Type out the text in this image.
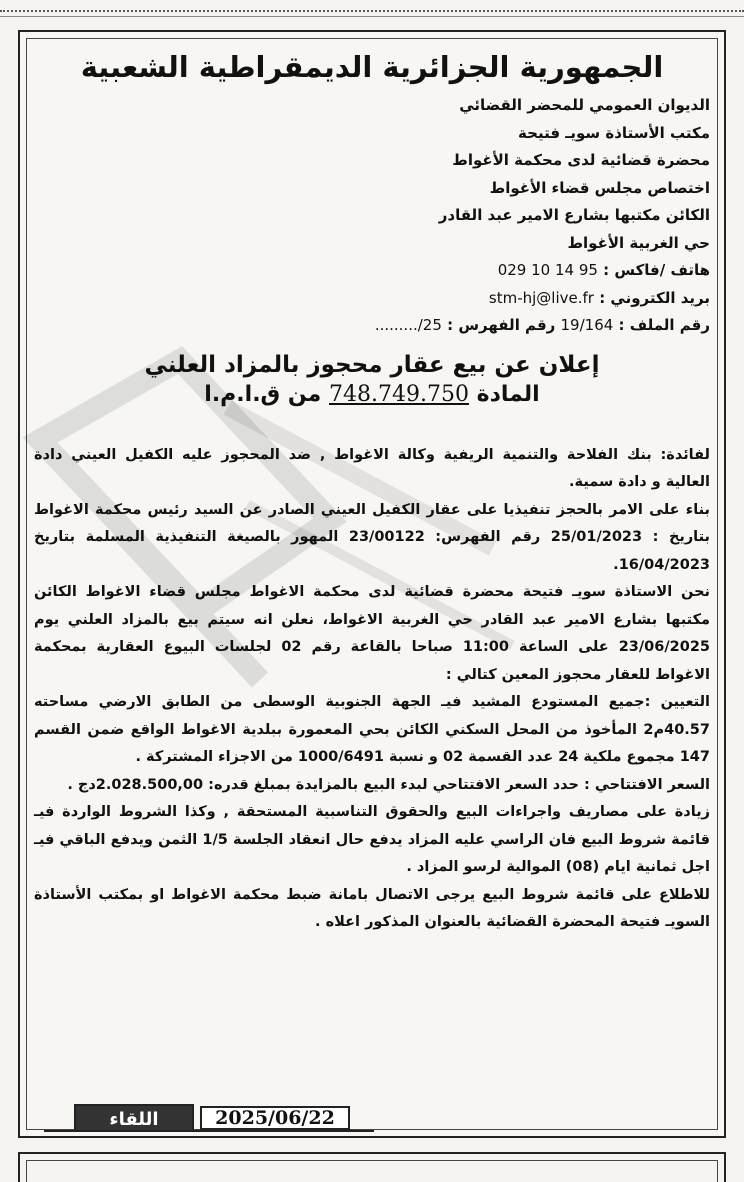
الجمهورية الجزائرية الديمقراطية الشعبية
الديوان العمومي للمحضر القضائي
مكتب الأستاذة سويـ فتيحة
محضرة قضائية لدى محكمة الأغواط
اختصاص مجلس قضاء الأغواط
الكائن مكتبها بشارع الامير عبد القادر
حي الغربية الأغواط
هاتف /فاكس : 029 10 14 95
بريد الكتروني : stm-hj@live.fr
رقم الملف : 19/164 رقم الفهرس : ........./25
إعلان عن بيع عقار محجوز بالمزاد العلني
المادة 748.749.750 من ق.ا.م.ا

لفائدة: بنك الفلاحة والتنمية الريفية وكالة الاغواط , ضد المحجوز عليه الكفيل العيني دادة العالية و دادة سمية.

بناء على الامر بالحجز تنفيذيا على عقار الكفيل العيني الصادر عن السيد رئيس محكمة الاغواط بتاريخ : 25/01/2023 رقم الفهرس: 23/00122 المهور بالصيغة التنفيذية المسلمة بتاريخ 16/04/2023.

نحن الاستاذة سويـ فتيحة محضرة قضائية لدى محكمة الاغواط مجلس قضاء الاغواط الكائن مكتبها بشارع الامير عبد القادر حي الغربية الاغواط، نعلن انه سيتم بيع بالمزاد العلني يوم 23/06/2025 على الساعة 11:00 صباحا بالقاعة رقم 02 لجلسات البيوع العقارية بمحكمة الاغواط للعقار محجوز المعين كتالي :

التعيين :جميع المستودع المشيد فيـ الجهة الجنوبية الوسطى من الطابق الارضي مساحته 40.57م2 المأخوذ من المحل السكني الكائن بحي المعمورة ببلدية الاغواط الواقع ضمن القسم 147 مجموع ملكية 24 عدد القسمة 02 و نسبة 1000/6491 من الاجزاء المشتركة .

السعر الافتتاحي : حدد السعر الافتتاحي لبدء البيع بالمزايدة بمبلغ قدره: 2.028.500,00دج .

زيادة على مصاريف واجراءات البيع والحقوق التناسبية المستحقة , وكذا الشروط الواردة فيـ قائمة شروط البيع فان الراسي عليه المزاد يدفع حال انعقاد الجلسة 1/5 الثمن ويدفع الباقي فيـ اجل ثمانية ايام (08) الموالية لرسو المزاد .

للاطلاع على قائمة شروط البيع يرجى الاتصال بامانة ضبط محكمة الاغواط او بمكتب الأستاذة السويـ فتيحة المحضرة القضائية بالعنوان المذكور اعلاه .

اللقاء	2025/06/22
